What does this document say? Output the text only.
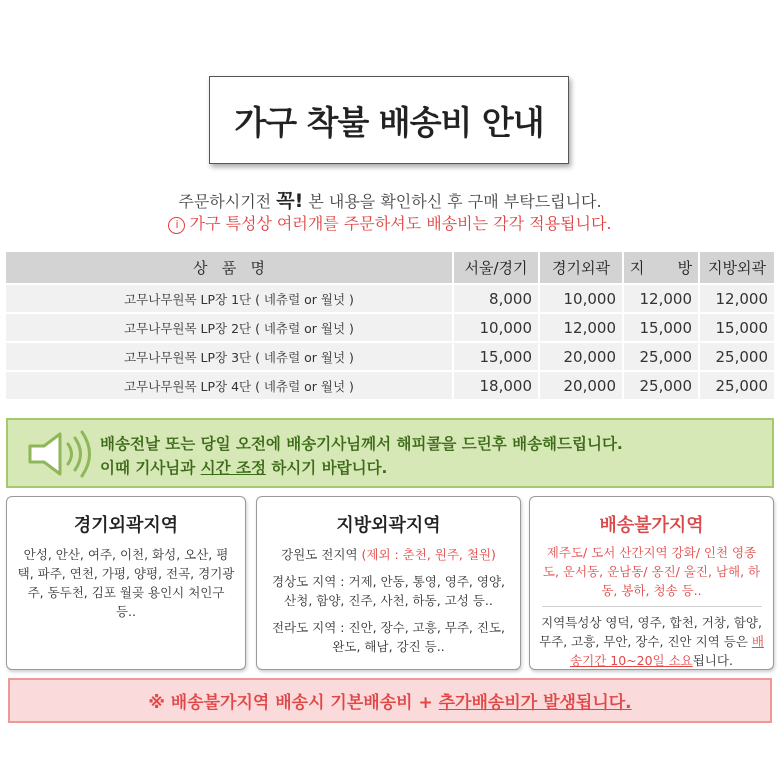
가구 착불 배송비 안내
주문하시기전 꼭! 본 내용을 확인하신 후 구매 부탁드립니다.
i 가구 특성상 여러개를 주문하셔도 배송비는 각각 적용됩니다.
상   품   명	서울/경기	경기외곽	지       방	지방외곽
고무나무원목 LP장 1단 ( 네츄럴 or 월넛 )	8,000	10,000	12,000	12,000
고무나무원목 LP장 2단 ( 네츄럴 or 월넛 )	10,000	12,000	15,000	15,000
고무나무원목 LP장 3단 ( 네츄럴 or 월넛 )	15,000	20,000	25,000	25,000
고무나무원목 LP장 4단 ( 네츄럴 or 월넛 )	18,000	20,000	25,000	25,000
배송전날 또는 당일 오전에 배송기사님께서 해피콜을 드린후 배송해드립니다.
이때 기사님과 시간 조정 하시기 바랍니다.
경기외곽지역

안성, 안산, 여주, 이천, 화성, 오산, 평택, 파주, 연천, 가평, 양평, 전곡, 경기광주, 동두천, 김포 월곶 용인시 처인구 등..

지방외곽지역

강원도 전지역 (제외 : 춘천, 원주, 철원)

경상도 지역 : 거제, 안동, 통영, 영주, 영양, 산청, 함양, 진주, 사천, 하동, 고성 등..

전라도 지역 : 진안, 장수, 고흥, 무주, 진도, 완도, 해남, 강진 등..

배송불가지역

제주도/ 도서 산간지역 강화/ 인천 영종도, 운서동, 운남동/ 옹진/ 울진, 남해, 하동, 봉하, 청송 등..

지역특성상 영덕, 영주, 합천, 거창, 함양, 무주, 고흥, 무안, 장수, 진안 지역 등은 배송기간 10~20일 소요됩니다.

※ 배송불가지역 배송시 기본배송비 + 추가배송비가 발생됩니다.
